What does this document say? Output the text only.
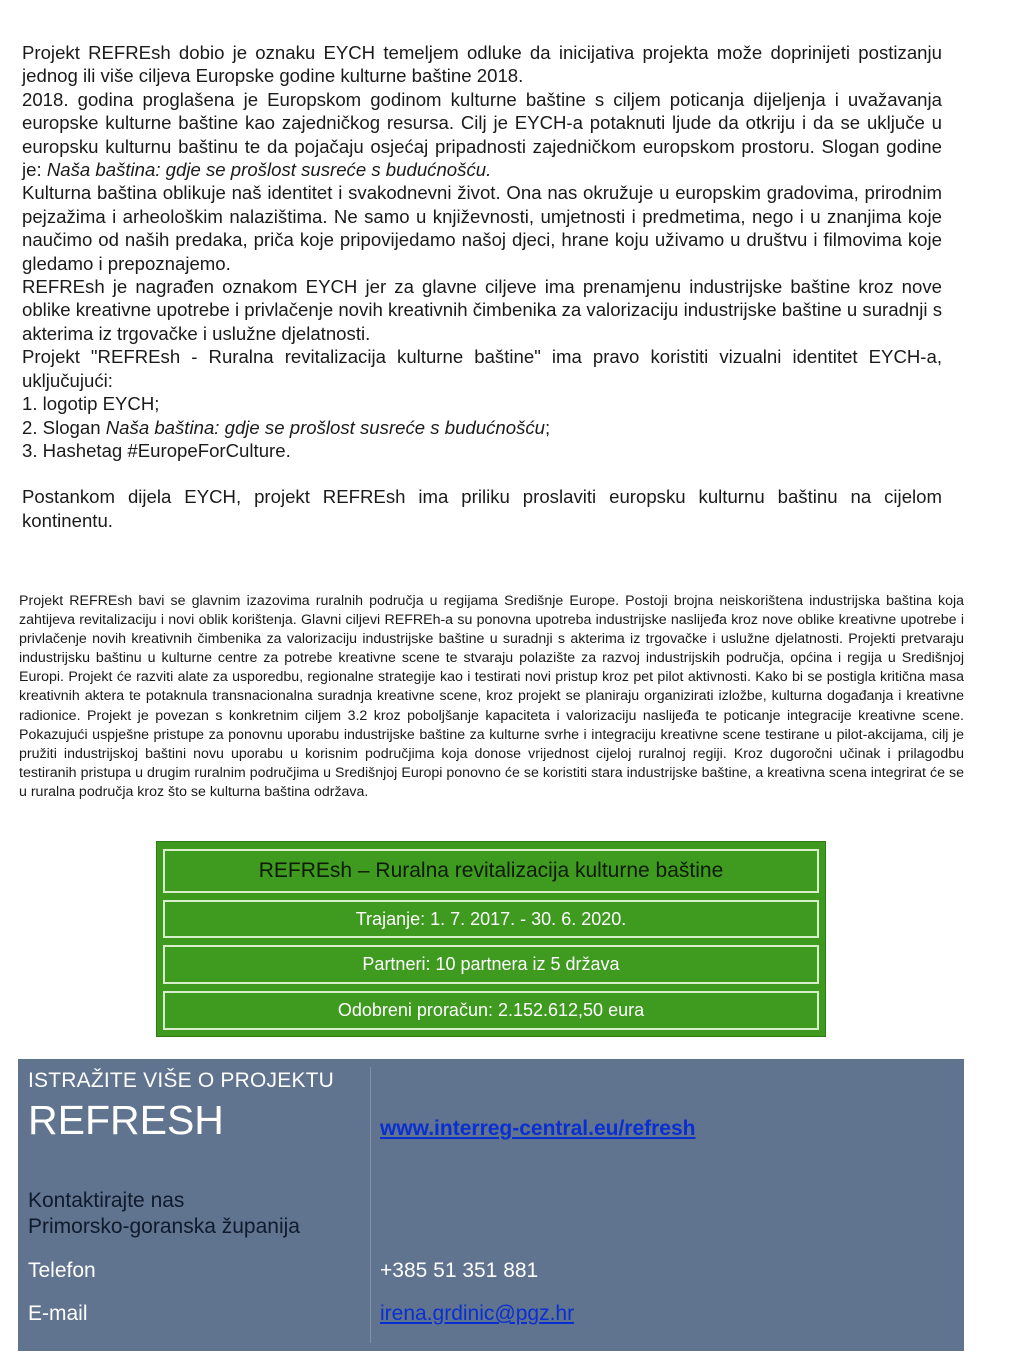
Projekt REFREsh dobio je oznaku EYCH temeljem odluke da inicijativa projekta može doprinijeti postizanju jednog ili više ciljeva Europske godine kulturne baštine 2018.

2018. godina proglašena je Europskom godinom kulturne baštine s ciljem poticanja dijeljenja i uvažavanja europske kulturne baštine kao zajedničkog resursa. Cilj je EYCH-a potaknuti ljude da otkriju i da se uključe u europsku kulturnu baštinu te da pojačaju osjećaj pripadnosti zajedničkom europskom prostoru. Slogan godine je: Naša baština: gdje se prošlost susreće s budućnošću.

Kulturna baština oblikuje naš identitet i svakodnevni život. Ona nas okružuje u europskim gradovima, prirodnim pejzažima i arheološkim nalazištima. Ne samo u književnosti, umjetnosti i predmetima, nego i u znanjima koje naučimo od naših predaka, priča koje pripovijedamo našoj djeci, hrane koju uživamo u društvu i filmovima koje gledamo i prepoznajemo.

REFREsh je nagrađen oznakom EYCH jer za glavne ciljeve ima prenamjenu industrijske baštine kroz nove oblike kreativne upotrebe i privlačenje novih kreativnih čimbenika za valorizaciju industrijske baštine u suradnji s akterima iz trgovačke i uslužne djelatnosti.

Projekt "REFREsh - Ruralna revitalizacija kulturne baštine" ima pravo koristiti vizualni identitet EYCH-a, uključujući:

1. logotip EYCH;

2. Slogan Naša baština: gdje se prošlost susreće s budućnošću;

3. Hashetag #EuropeForCulture.

Postankom dijela EYCH, projekt REFREsh ima priliku proslaviti europsku kulturnu baštinu na cijelom kontinentu.

Projekt REFREsh bavi se glavnim izazovima ruralnih područja u regijama Središnje Europe. Postoji brojna neiskorištena industrijska baština koja zahtijeva revitalizaciju i novi oblik korištenja. Glavni ciljevi REFREh-a su ponovna upotreba industrijske naslijeđa kroz nove oblike kreativne upotrebe i privlačenje novih kreativnih čimbenika za valorizaciju industrijske baštine u suradnji s akterima iz trgovačke i uslužne djelatnosti. Projekti pretvaraju industrijsku baštinu u kulturne centre za potrebe kreativne scene te stvaraju polazište za razvoj industrijskih područja, općina i regija u Središnjoj Europi. Projekt će razviti alate za usporedbu, regionalne strategije kao i testirati novi pristup kroz pet pilot aktivnosti. Kako bi se postigla kritična masa kreativnih aktera te potaknula transnacionalna suradnja kreativne scene, kroz projekt se planiraju organizirati izložbe, kulturna događanja i kreativne radionice. Projekt je povezan s konkretnim ciljem 3.2 kroz poboljšanje kapaciteta i valorizaciju naslijeđa te poticanje integracije kreativne scene. Pokazujući uspješne pristupe za ponovnu uporabu industrijske baštine za kulturne svrhe i integraciju kreativne scene testirane u pilot-akcijama, cilj je pružiti industrijskoj baštini novu uporabu u korisnim područjima koja donose vrijednost cijeloj ruralnoj regiji. Kroz dugoročni učinak i prilagodbu testiranih pristupa u drugim ruralnim područjima u Središnjoj Europi ponovno će se koristiti stara industrijske baštine, a kreativna scena integrirat će se u ruralna područja kroz što se kulturna baština održava.

REFREsh – Ruralna revitalizacija kulturne baštine
Trajanje: 1. 7. 2017. - 30. 6. 2020.
Partneri: 10 partnera iz 5 država
Odobreni proračun: 2.152.612,50 eura
ISTRAŽITE VIŠE O PROJEKTU
REFRESH	www.interreg-central.eu/refresh
Kontaktirajte nas
Primorsko-goranska županija
Telefon	+385 51 351 881
E-mail	irena.grdinic@pgz.hr
